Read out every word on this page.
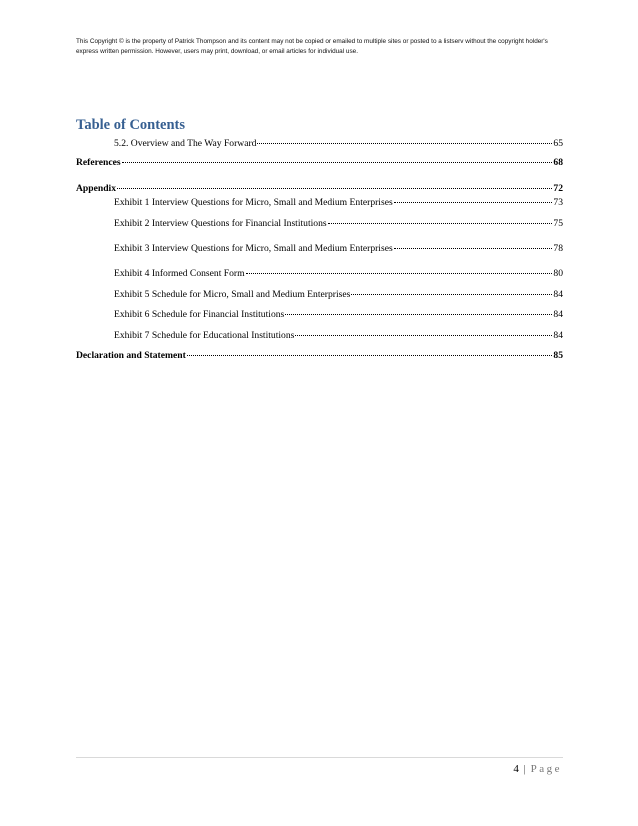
This Copyright © is the property of Patrick Thompson and its content may not be copied or emailed to multiple sites or posted to a listserv without the copyright holder's express written permission. However, users may print, download, or email articles for individual use.
Table of Contents
5.2. Overview and The Way Forward	65
References	68
Appendix	72
Exhibit 1 Interview Questions for Micro, Small and Medium Enterprises	73
Exhibit 2 Interview Questions for Financial Institutions	75
Exhibit 3 Interview Questions for Micro, Small and Medium Enterprises	78
Exhibit 4 Informed Consent Form	80
Exhibit 5 Schedule for Micro, Small and Medium Enterprises	84
Exhibit 6 Schedule for Financial Institutions	84
Exhibit 7 Schedule for Educational Institutions	84
Declaration and Statement	85
4 | Page
